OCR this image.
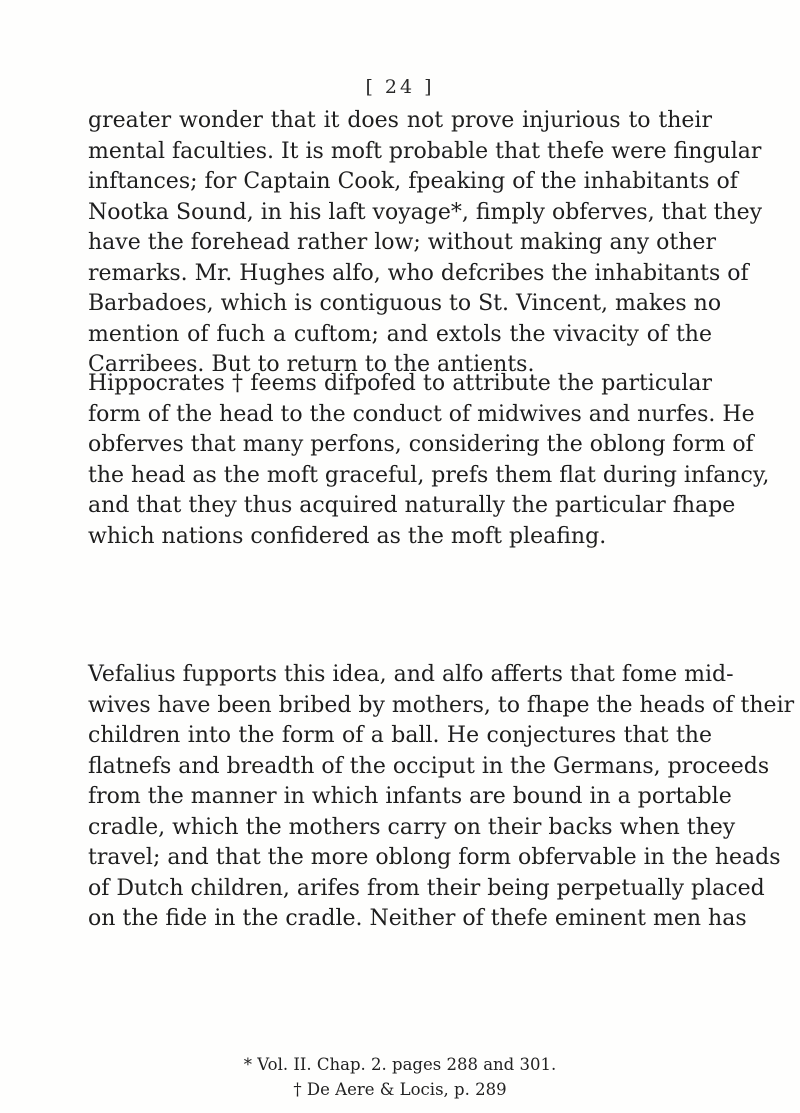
[ 24 ]
greater wonder that it does not prove injurious to their
mental faculties. It is moft probable that thefe were fingular
inftances; for Captain Cook, fpeaking of the inhabitants of
Nootka Sound, in his laft voyage*, fimply obferves, that they
have the forehead rather low; without making any other
remarks. Mr. Hughes alfo, who defcribes the inhabitants of
Barbadoes, which is contiguous to St. Vincent, makes no
mention of fuch a cuftom; and extols the vivacity of the
Carribees. But to return to the antients.
Hippocrates † feems difpofed to attribute the particular
form of the head to the conduct of midwives and nurfes. He
obferves that many perfons, considering the oblong form of
the head as the moft graceful, prefs them flat during infancy,
and that they thus acquired naturally the particular fhape
which nations confidered as the moft pleafing.
Vefalius fupports this idea, and alfo afferts that fome mid-
wives have been bribed by mothers, to fhape the heads of their
children into the form of a ball. He conjectures that the
flatnefs and breadth of the occiput in the Germans, proceeds
from the manner in which infants are bound in a portable
cradle, which the mothers carry on their backs when they
travel; and that the more oblong form obfervable in the heads
of Dutch children, arifes from their being perpetually placed
on the fide in the cradle. Neither of thefe eminent men has
* Vol. II. Chap. 2. pages 288 and 301.
† De Aere & Locis, p. 289
